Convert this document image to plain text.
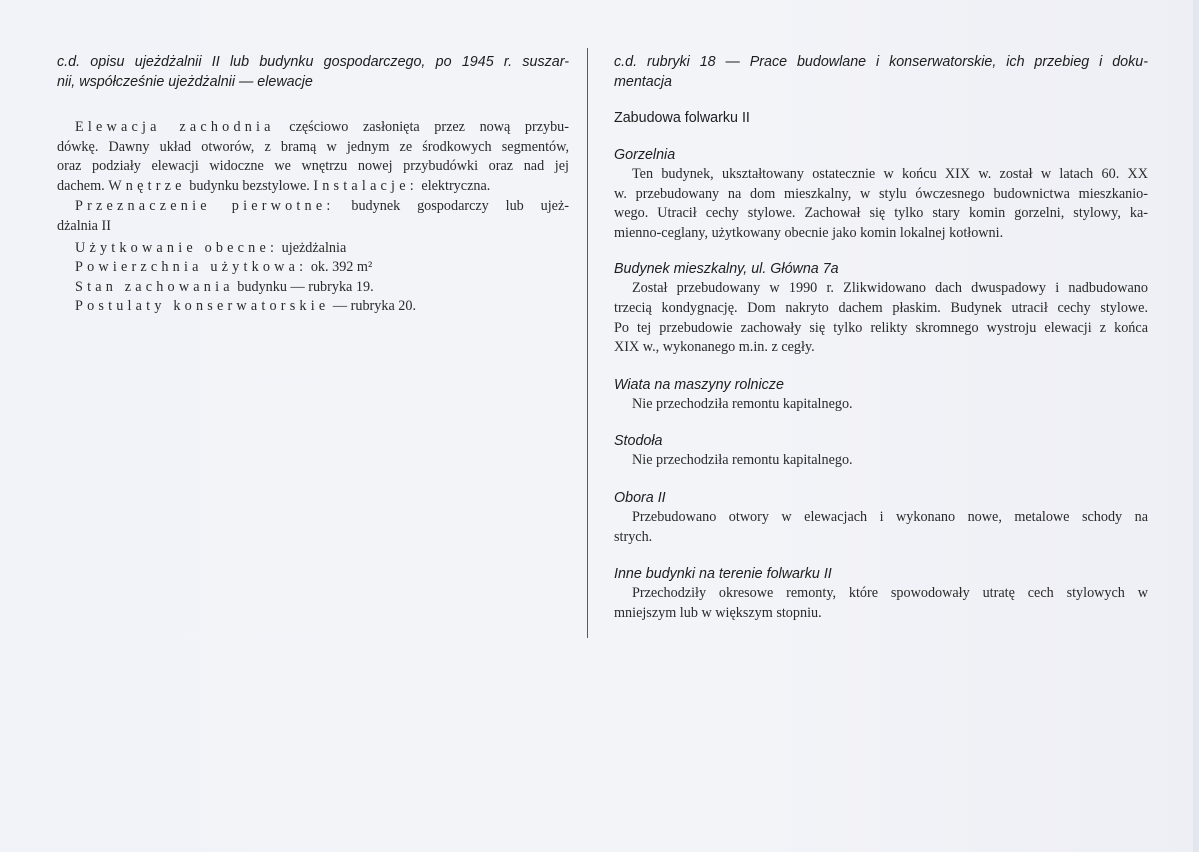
c.d. opisu ujeżdżalnii II lub budynku gospodarczego, po 1945 r. suszar-
nii, współcześnie ujeżdżalnii — elewacje

Elewacja zachodnia częściowo zasłonięta przez nową przybu-
dówkę. Dawny układ otworów, z bramą w jednym ze środkowych segmentów,
oraz podziały elewacji widoczne we wnętrzu nowej przybudówki oraz nad jej
dachem. Wnętrze budynku bezstylowe. Instalacje: elektryczna.

Przeznaczenie pierwotne: budynek gospodarczy lub ujeż-
dżalnia II

Użytkowanie obecne: ujeżdżalnia

Powierzchnia użytkowa: ok. 392 m²

Stan zachowania budynku — rubryka 19.

Postulaty konserwatorskie — rubryka 20.

c.d. rubryki 18 — Prace budowlane i konserwatorskie, ich przebieg i doku-
mentacja

Zabudowa folwarku II

Gorzelnia

Ten budynek, ukształtowany ostatecznie w końcu XIX w. został w latach 60. XX
w. przebudowany na dom mieszkalny, w stylu ówczesnego budownictwa mieszkanio-
wego. Utracił cechy stylowe. Zachował się tylko stary komin gorzelni, stylowy, ka-
mienno-ceglany, użytkowany obecnie jako komin lokalnej kotłowni.

Budynek mieszkalny, ul. Główna 7a

Został przebudowany w 1990 r. Zlikwidowano dach dwuspadowy i nadbudowano
trzecią kondygnację. Dom nakryto dachem płaskim. Budynek utracił cechy stylowe.
Po tej przebudowie zachowały się tylko relikty skromnego wystroju elewacji z końca
XIX w., wykonanego m.in. z cegły.

Wiata na maszyny rolnicze

Nie przechodziła remontu kapitalnego.

Stodoła

Nie przechodziła remontu kapitalnego.

Obora II

Przebudowano otwory w elewacjach i wykonano nowe, metalowe schody na
strych.

Inne budynki na terenie folwarku II

Przechodziły okresowe remonty, które spowodowały utratę cech stylowych w
mniejszym lub w większym stopniu.
